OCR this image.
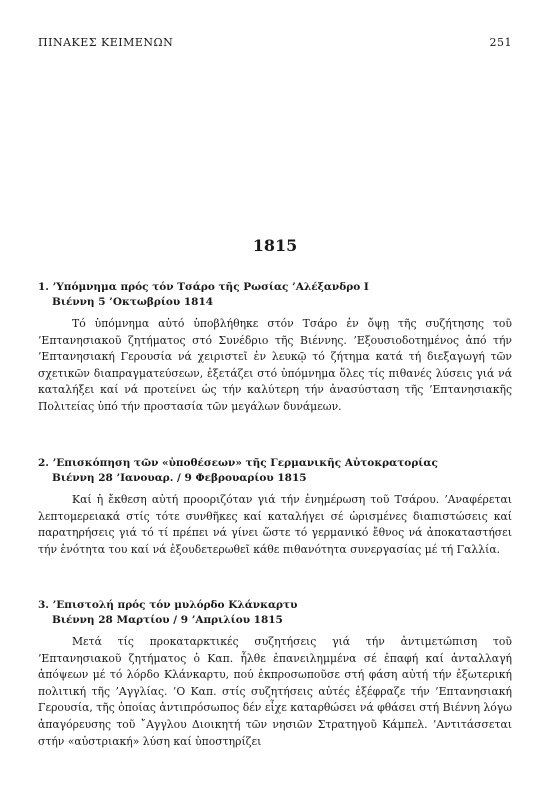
ΠΙΝΑΚΕΣ ΚΕΙΜΕΝΩΝ	251
1815
1. ’Υπόμνημα πρός τόν Τσάρο τῆς Ρωσίας ’Αλέξανδρο Ι
Βιέννη 5 ’Οκτωβρίου 1814

Τό ὑπόμνημα αὐτό ὑποβλήθηκε στόν Τσάρο ἐν ὄψῃ τῆς συζήτησης τοῦ ’Επτανησιακοῦ ζητήματος στό Συνέδριο τῆς Βιέννης. ’Εξουσιοδοτημένος ἀπό τήν ’Επτανησιακή Γερουσία νά χειριστεῖ ἐν λευκῷ τό ζήτημα κατά τή διεξαγωγή τῶν σχετικῶν διαπραγματεύσεων, ἐξετάζει στό ὑπόμνημα ὅλες τίς πιθανές λύσεις γιά νά καταλήξει καί νά προτείνει ὡς τήν καλύτερη τήν ἀνασύσταση τῆς ’Επτανησιακῆς Πολιτείας ὑπό τήν προστασία τῶν μεγάλων δυνάμεων.

2. ’Επισκόπηση τῶν «ὑποθέσεων» τῆς Γερμανικῆς Αὐτοκρατορίας
Βιέννη 28 ’Ιανουαρ. / 9 Φεβρουαρίου 1815

Καί ἡ ἔκθεση αὐτή προοριζόταν γιά τήν ἐνημέρωση τοῦ Τσάρου. ’Αναφέρεται λεπτομερειακά στίς τότε συνθῆκες καί καταλήγει σέ ὡρισμένες διαπιστώσεις καί παρατηρήσεις γιά τό τί πρέπει νά γίνει ὥστε τό γερμανικό ἔθνος νά ἀποκαταστήσει τήν ἑνότητα του καί νά ἐξουδετερωθεῖ κάθε πιθανότητα συνεργασίας μέ τή Γαλλία.

3. ’Επιστολή πρός τόν μυλόρδο Κλάνκαρτυ
Βιέννη 28 Μαρτίου / 9 ’Απριλίου 1815

Μετά τίς προκαταρκτικές συζητήσεις γιά τήν ἀντιμετώπιση τοῦ ’Επτανησιακοῦ ζητήματος ὁ Καπ. ἦλθε ἐπανειλημμένα σέ ἐπαφή καί ἀνταλλαγή ἀπόψεων μέ τό λόρδο Κλάνκαρτυ, πού ἐκπροσωποῦσε στή φάση αὐτή τήν ἐξωτερική πολιτική τῆς ’Αγγλίας. ’Ο Καπ. στίς συζητήσεις αὐτές ἐξέφραζε τήν ’Επτανησιακή Γερουσία, τῆς ὁποίας ἀντιπρόσωπος δέν εἶχε καταρθώσει νά φθάσει στή Βιέννη λόγω ἀπαγόρευσης τοῦ ῎Αγγλου Διοικητή τῶν νησιῶν Στρατηγοῦ Κάμπελ. ’Αντιτάσσεται στήν «αὐστριακή» λύση καί ὑποστηρίζει
